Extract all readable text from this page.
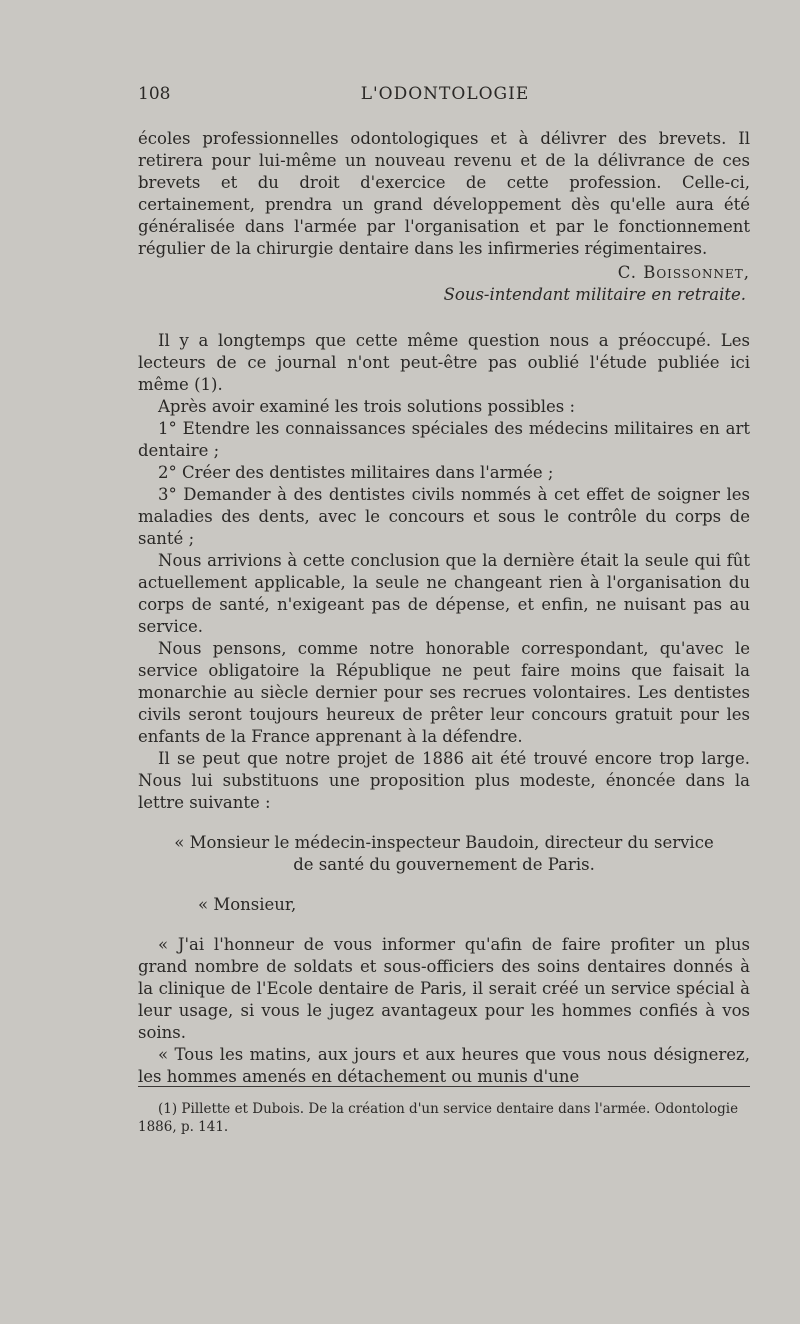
108	L'ODONTOLOGIE

écoles professionnelles odontologiques et à délivrer des brevets. Il retirera pour lui-même un nouveau revenu et de la délivrance de ces brevets et du droit d'exercice de cette profession. Celle-ci, certainement, prendra un grand développement dès qu'elle aura été généralisée dans l'armée par l'organisation et par le fonctionnement régulier de la chirurgie dentaire dans les infirmeries régimentaires.

C. Boissonnet,
Sous-intendant militaire en retraite.

Il y a longtemps que cette même question nous a préoccupé. Les lecteurs de ce journal n'ont peut-être pas oublié l'étude publiée ici même (1).

Après avoir examiné les trois solutions possibles :

1° Etendre les connaissances spéciales des médecins militaires en art dentaire ;

2° Créer des dentistes militaires dans l'armée ;

3° Demander à des dentistes civils nommés à cet effet de soigner les maladies des dents, avec le concours et sous le contrôle du corps de santé ;

Nous arrivions à cette conclusion que la dernière était la seule qui fût actuellement applicable, la seule ne changeant rien à l'organisation du corps de santé, n'exigeant pas de dépense, et enfin, ne nuisant pas au service.

Nous pensons, comme notre honorable correspondant, qu'avec le service obligatoire la République ne peut faire moins que faisait la monarchie au siècle dernier pour ses recrues volontaires. Les dentistes civils seront toujours heureux de prêter leur concours gratuit pour les enfants de la France apprenant à la défendre.

Il se peut que notre projet de 1886 ait été trouvé encore trop large. Nous lui substituons une proposition plus modeste, énoncée dans la lettre suivante :

« Monsieur le médecin-inspecteur Baudoin, directeur du service

de santé du gouvernement de Paris.

« Monsieur,

« J'ai l'honneur de vous informer qu'afin de faire profiter un plus grand nombre de soldats et sous-officiers des soins dentaires donnés à la clinique de l'Ecole dentaire de Paris, il serait créé un service spécial à leur usage, si vous le jugez avantageux pour les hommes confiés à vos soins.

« Tous les matins, aux jours et aux heures que vous nous désignerez, les hommes amenés en détachement ou munis d'une

(1) Pillette et Dubois. De la création d'un service dentaire dans l'armée. Odontologie 1886, p. 141.
